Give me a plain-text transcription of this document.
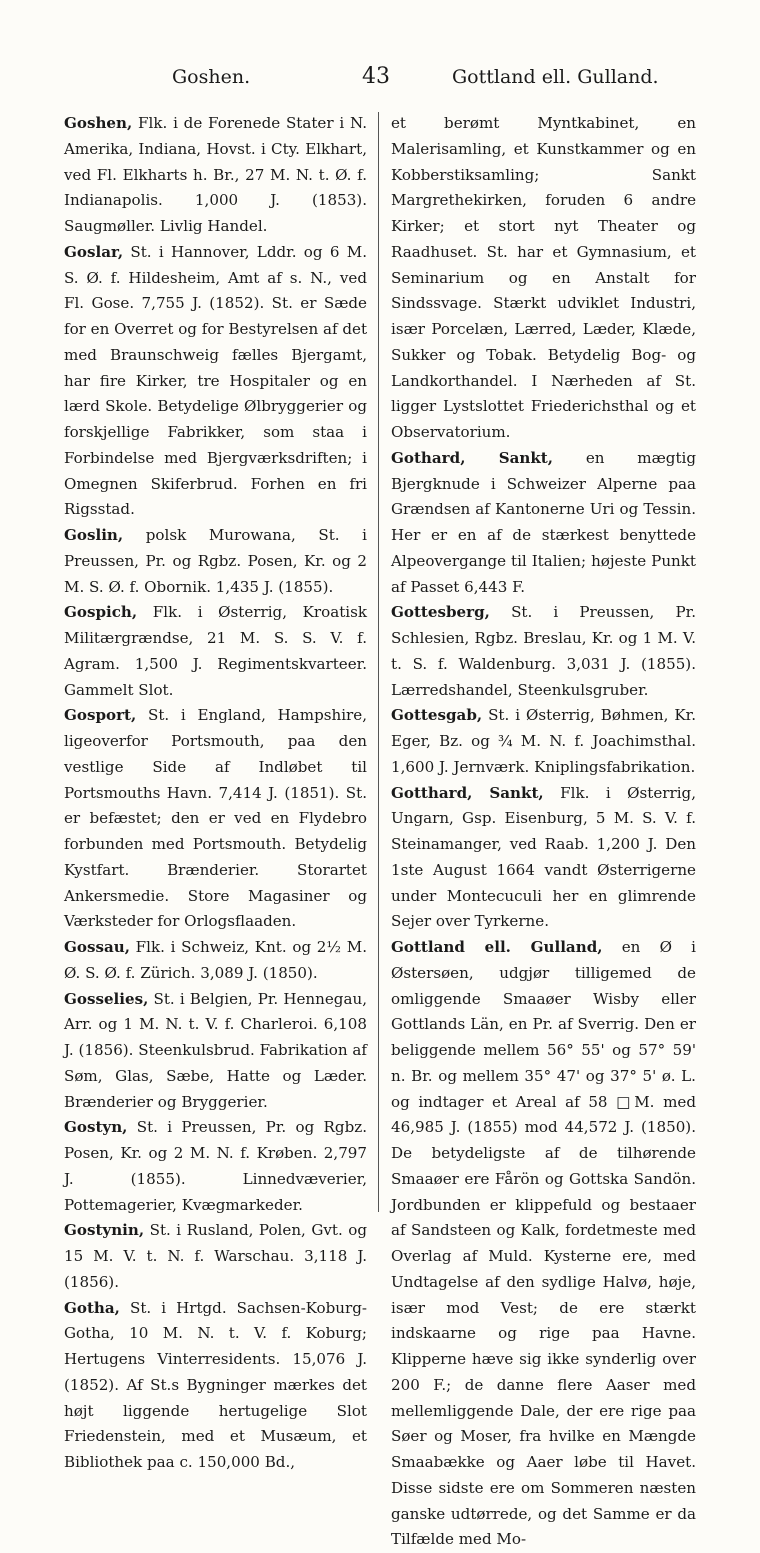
Goshen.	43	Gottland ell. Gulland.

Goshen, Flk. i de Forenede Stater i N. Amerika, Indiana, Hovst. i Cty. Elkhart, ved Fl. Elkharts h. Br., 27 M. N. t. Ø. f. Indianapolis. 1,000 J. (1853). Saugmøller. Livlig Handel.

Goslar, St. i Hannover, Lddr. og 6 M. S. Ø. f. Hildesheim, Amt af s. N., ved Fl. Gose. 7,755 J. (1852). St. er Sæde for en Overret og for Bestyrelsen af det med Braunschweig fælles Bjergamt, har fire Kirker, tre Hospitaler og en lærd Skole. Betydelige Ølbryggerier og forskjellige Fabrikker, som staa i Forbindelse med Bjergværksdriften; i Omegnen Skiferbrud. Forhen en fri Rigsstad.

Goslin, polsk Murowana, St. i Preussen, Pr. og Rgbz. Posen, Kr. og 2 M. S. Ø. f. Obornik. 1,435 J. (1855).

Gospich, Flk. i Østerrig, Kroatisk Militærgrændse, 21 M. S. S. V. f. Agram. 1,500 J. Regimentskvarteer. Gammelt Slot.

Gosport, St. i England, Hampshire, ligeoverfor Portsmouth, paa den vestlige Side af Indløbet til Portsmouths Havn. 7,414 J. (1851). St. er befæstet; den er ved en Flydebro forbunden med Portsmouth. Betydelig Kystfart. Brænderier. Storartet Ankersmedie. Store Magasiner og Værksteder for Orlogsflaaden.

Gossau, Flk. i Schweiz, Knt. og 2½ M. Ø. S. Ø. f. Zürich. 3,089 J. (1850).

Gosselies, St. i Belgien, Pr. Hennegau, Arr. og 1 M. N. t. V. f. Charleroi. 6,108 J. (1856). Steenkulsbrud. Fabrikation af Søm, Glas, Sæbe, Hatte og Læder. Brænderier og Bryggerier.

Gostyn, St. i Preussen, Pr. og Rgbz. Posen, Kr. og 2 M. N. f. Krøben. 2,797 J. (1855). Linnedvæverier, Pottemagerier, Kvægmarkeder.

Gostynin, St. i Rusland, Polen, Gvt. og 15 M. V. t. N. f. Warschau. 3,118 J. (1856).

Gotha, St. i Hrtgd. Sachsen-Koburg-Gotha, 10 M. N. t. V. f. Koburg; Hertugens Vinterresidents. 15,076 J. (1852). Af St.s Bygninger mærkes det højt liggende hertugelige Slot Friedenstein, med et Musæum, et Bibliothek paa c. 150,000 Bd.,

et berømt Myntkabinet, en Malerisamling, et Kunstkammer og en Kobberstiksamling; Sankt Margrethekirken, foruden 6 andre Kirker; et stort nyt Theater og Raadhuset. St. har et Gymnasium, et Seminarium og en Anstalt for Sindssvage. Stærkt udviklet Industri, især Porcelæn, Lærred, Læder, Klæde, Sukker og Tobak. Betydelig Bog- og Landkorthandel. I Nærheden af St. ligger Lystslottet Friederichsthal og et Observatorium.

Gothard, Sankt, en mægtig Bjergknude i Schweizer Alperne paa Grændsen af Kantonerne Uri og Tessin. Her er en af de stærkest benyttede Alpeovergange til Italien; højeste Punkt af Passet 6,443 F.

Gottesberg, St. i Preussen, Pr. Schlesien, Rgbz. Breslau, Kr. og 1 M. V. t. S. f. Waldenburg. 3,031 J. (1855). Lærredshandel, Steenkulsgruber.

Gottesgab, St. i Østerrig, Bøhmen, Kr. Eger, Bz. og ¾ M. N. f. Joachimsthal. 1,600 J. Jernværk. Kniplingsfabrikation.

Gotthard, Sankt, Flk. i Østerrig, Ungarn, Gsp. Eisenburg, 5 M. S. V. f. Steinamanger, ved Raab. 1,200 J. Den 1ste August 1664 vandt Østerrigerne under Montecuculi her en glimrende Sejer over Tyrkerne.

Gottland ell. Gulland, en Ø i Østersøen, udgjør tilligemed de omliggende Smaaøer Wisby eller Gottlands Län, en Pr. af Sverrig. Den er beliggende mellem 56° 55' og 57° 59' n. Br. og mellem 35° 47' og 37° 5' ø. L. og indtager et Areal af 58 □M. med 46,985 J. (1855) mod 44,572 J. (1850). De betydeligste af de tilhørende Smaaøer ere Fårön og Gottska Sandön. Jordbunden er klippefuld og bestaaer af Sandsteen og Kalk, fordetmeste med Overlag af Muld. Kysterne ere, med Undtagelse af den sydlige Halvø, høje, især mod Vest; de ere stærkt indskaarne og rige paa Havne. Klipperne hæve sig ikke synderlig over 200 F.; de danne flere Aaser med mellemliggende Dale, der ere rige paa Søer og Moser, fra hvilke en Mængde Smaabække og Aaer løbe til Havet. Disse sidste ere om Sommeren næsten ganske udtørrede, og det Samme er da Tilfælde med Mo-
